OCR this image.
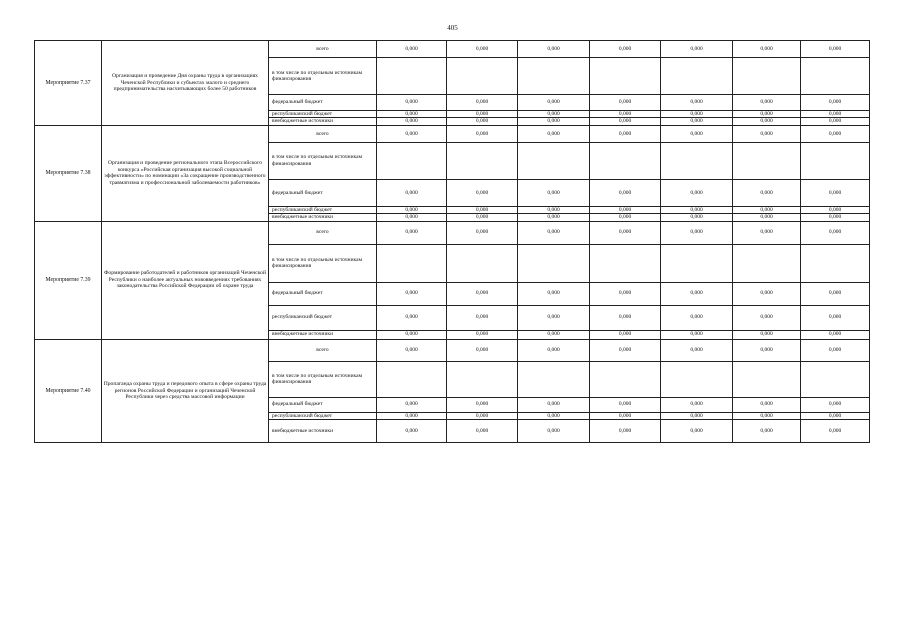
405
Мероприятие 7.37	Организация и проведение Дня охраны труда в организациях Чеченской Республики и субъектах малого и среднего предпринимательства насчитывающих более 50 работников	всего	0,000	0,000	0,000	0,000	0,000	0,000	0,000
		в том числе по отдельным источникам финансирования							
		федеральный бюджет	0,000	0,000	0,000	0,000	0,000	0,000	0,000
		республиканский бюджет	0,000	0,000	0,000	0,000	0,000	0,000	0,000
		внебюджетные источники	0,000	0,000	0,000	0,000	0,000	0,000	0,000
Мероприятие 7.38	Организация и проведение регионального этапа Всероссийского конкурса «Российская организация высокой социальной эффективности» по номинации «За сокращение производственного травматизма и профессиональной заболеваемости работников»	всего	0,000	0,000	0,000	0,000	0,000	0,000	0,000
		в том числе по отдельным источникам финансирования							
		федеральный бюджет	0,000	0,000	0,000	0,000	0,000	0,000	0,000
		республиканский бюджет	0,000	0,000	0,000	0,000	0,000	0,000	0,000
		внебюджетные источники	0,000	0,000	0,000	0,000	0,000	0,000	0,000
Мероприятие 7.39	Формирование работодателей и работников организаций Чеченской Республики о наиболее актуальных нововведениях требованиях законодательства Российской Федерации об охране труда	всего	0,000	0,000	0,000	0,000	0,000	0,000	0,000
		в том числе по отдельным источникам финансирования							
		федеральный бюджет	0,000	0,000	0,000	0,000	0,000	0,000	0,000
		республиканский бюджет	0,000	0,000	0,000	0,000	0,000	0,000	0,000
		внебюджетные источники	0,000	0,000	0,000	0,000	0,000	0,000	0,000
Мероприятие 7.40	Пропаганда охраны труда и передового опыта в сфере охраны труда регионов Российской Федерации и организаций Чеченской Республики через средства массовой информации	всего	0,000	0,000	0,000	0,000	0,000	0,000	0,000
		в том числе по отдельным источникам финансирования							
		федеральный бюджет	0,000	0,000	0,000	0,000	0,000	0,000	0,000
		республиканский бюджет	0,000	0,000	0,000	0,000	0,000	0,000	0,000
		внебюджетные источники	0,000	0,000	0,000	0,000	0,000	0,000	0,000
